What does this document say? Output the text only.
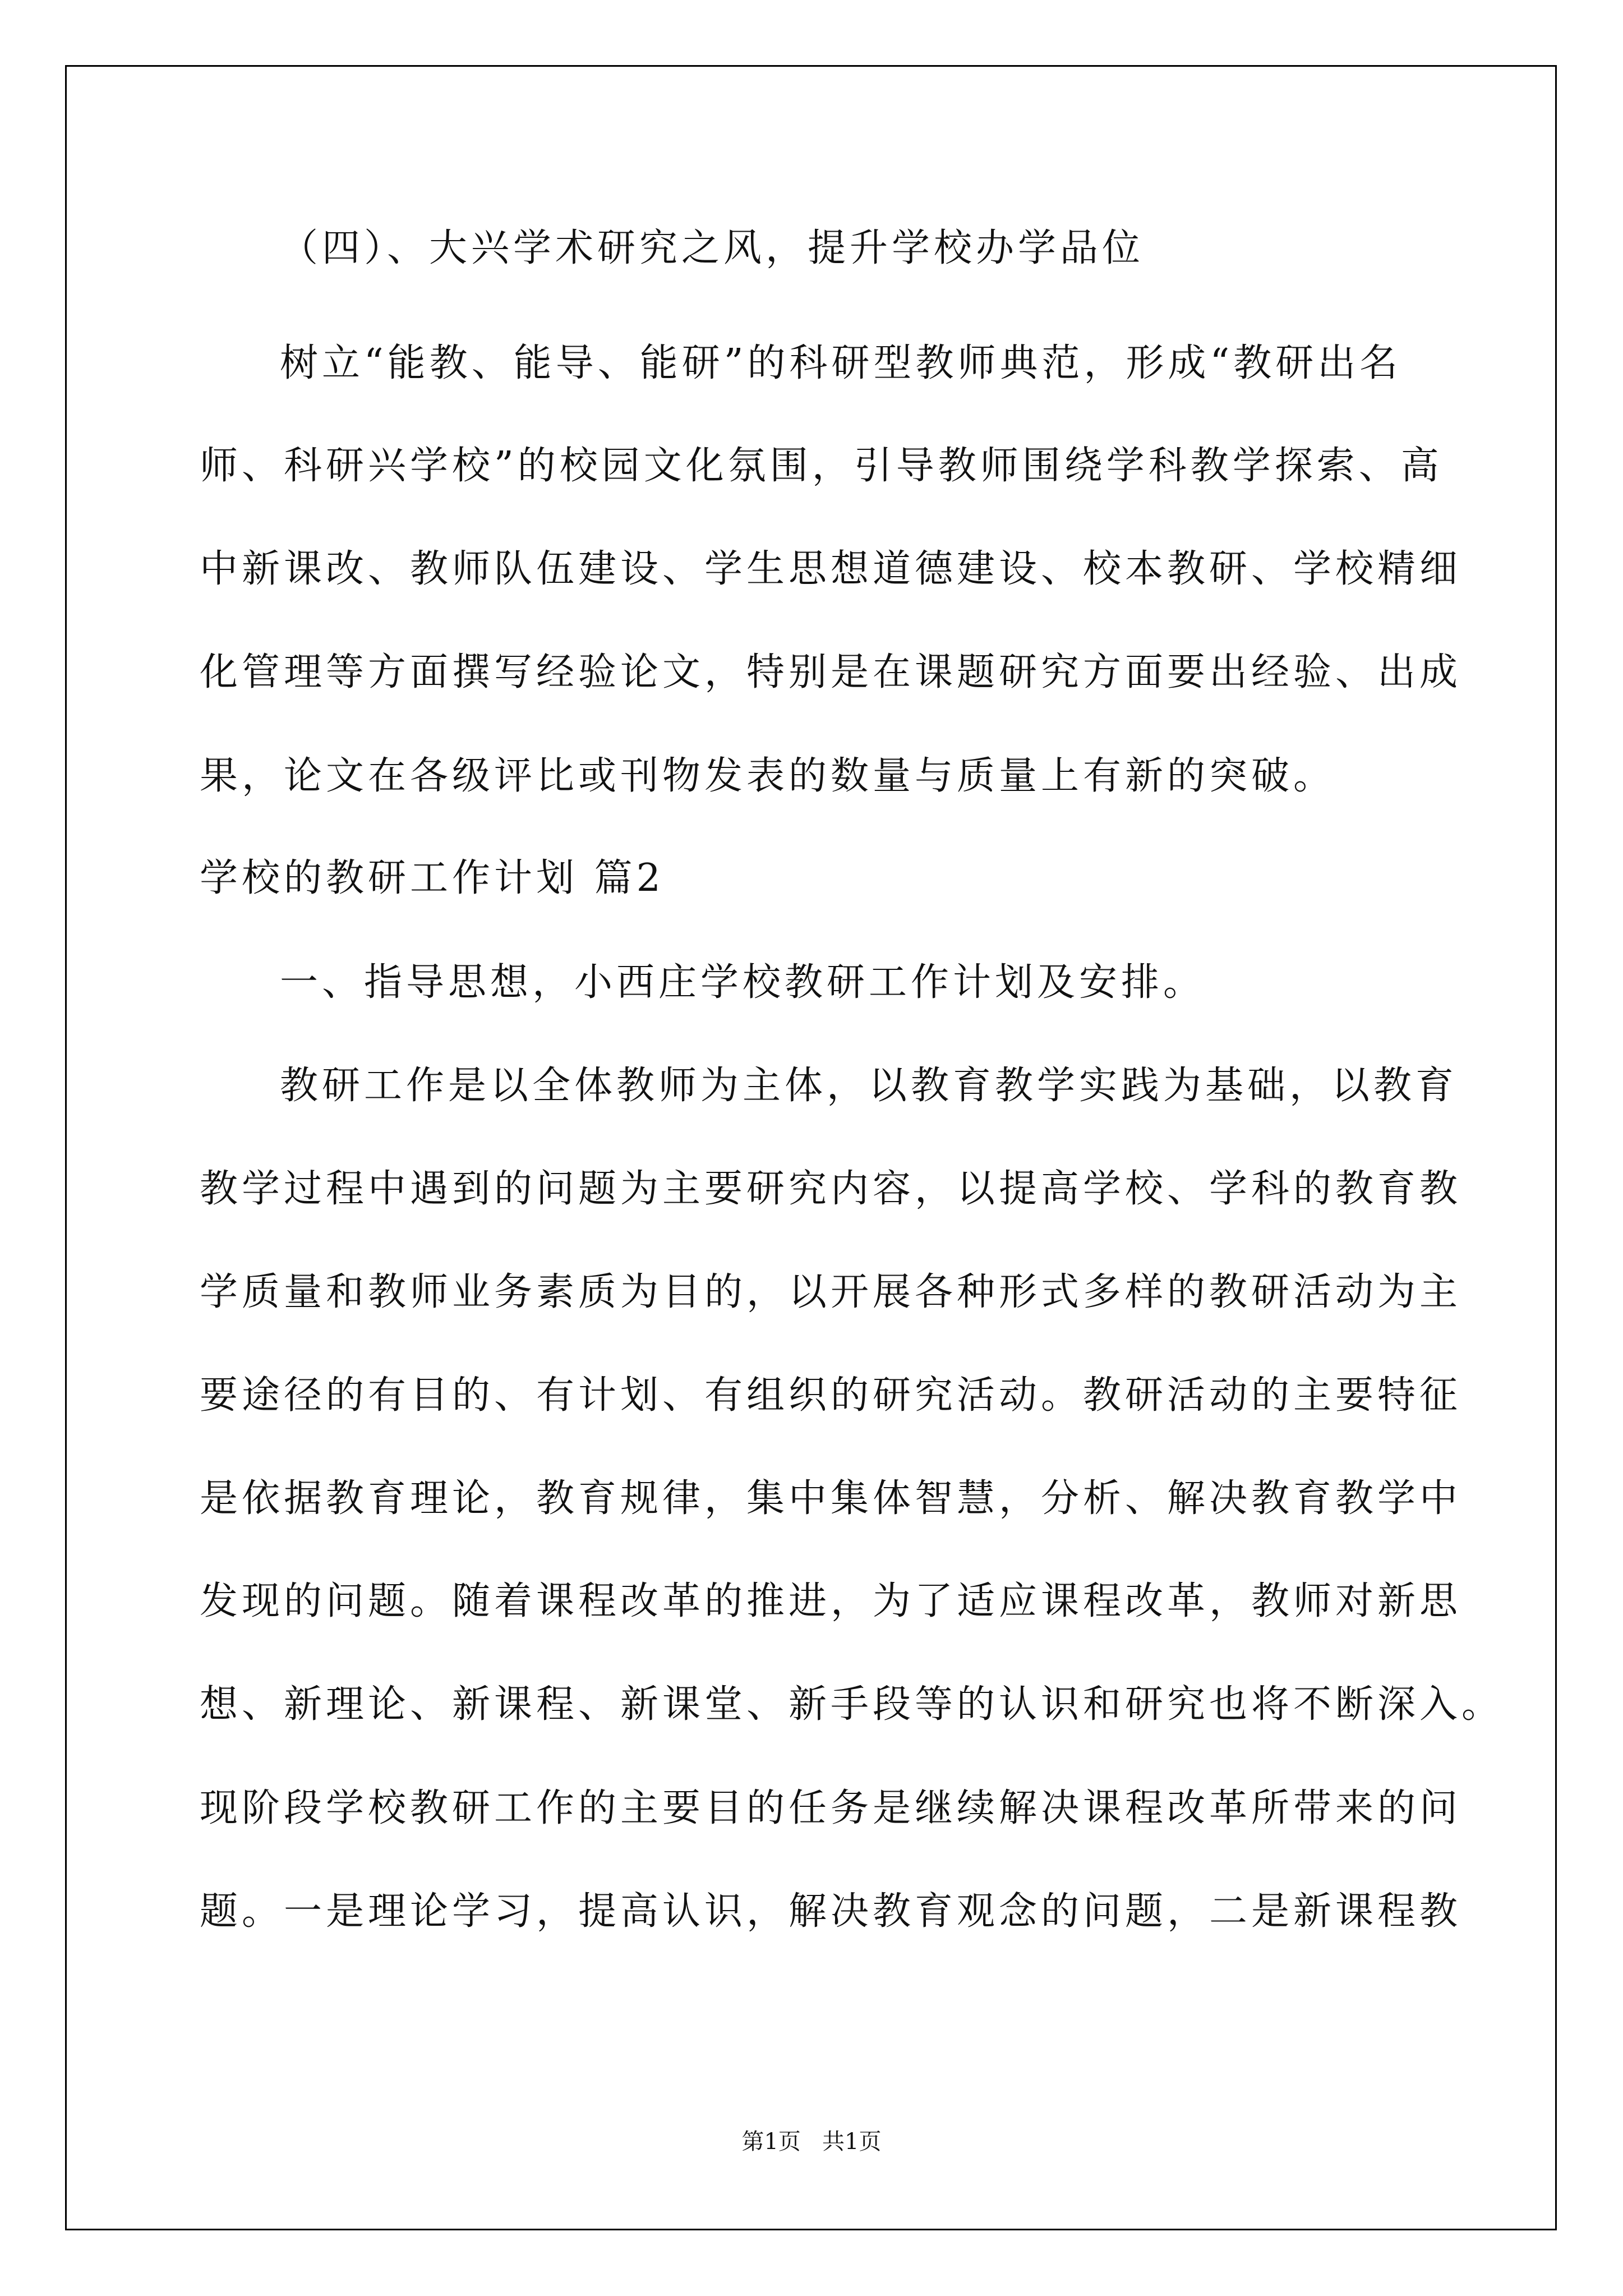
（四）、大兴学术研究之风，提升学校办学品位
树立“能教、能导、能研”的科研型教师典范，形成“教研出名
师、科研兴学校”的校园文化氛围，引导教师围绕学科教学探索、高
中新课改、教师队伍建设、学生思想道德建设、校本教研、学校精细
化管理等方面撰写经验论文，特别是在课题研究方面要出经验、出成
果，论文在各级评比或刊物发表的数量与质量上有新的突破。
学校的教研工作计划 篇2
一、指导思想，小西庄学校教研工作计划及安排。
教研工作是以全体教师为主体，以教育教学实践为基础，以教育
教学过程中遇到的问题为主要研究内容，以提高学校、学科的教育教
学质量和教师业务素质为目的，以开展各种形式多样的教研活动为主
要途径的有目的、有计划、有组织的研究活动。教研活动的主要特征
是依据教育理论，教育规律，集中集体智慧，分析、解决教育教学中
发现的问题。随着课程改革的推进，为了适应课程改革，教师对新思
想、新理论、新课程、新课堂、新手段等的认识和研究也将不断深入。
现阶段学校教研工作的主要目的任务是继续解决课程改革所带来的问
题。一是理论学习，提高认识，解决教育观念的问题，二是新课程教
第1页   共1页
